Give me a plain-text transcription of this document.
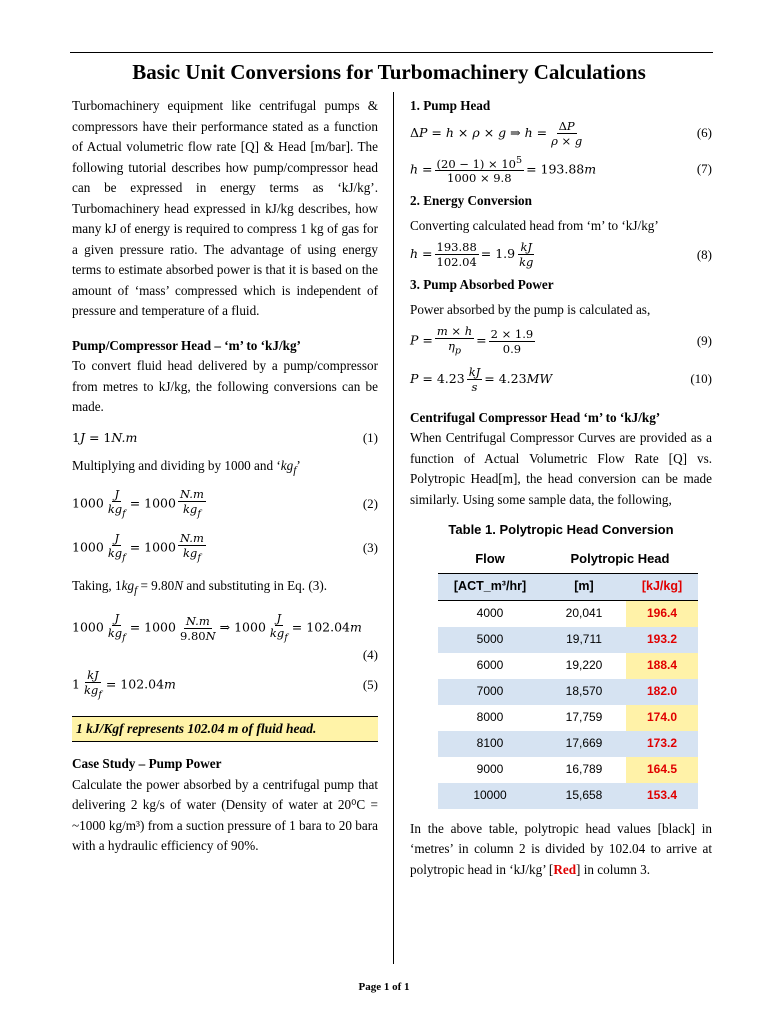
Basic Unit Conversions for Turbomachinery Calculations

Turbomachinery equipment like centrifugal pumps & compressors have their performance stated as a function of Actual volumetric flow rate [Q] & Head [m/bar]. The following tutorial describes how pump/compressor head can be expressed in energy terms as ‘kJ/kg’. Turbomachinery head expressed in kJ/kg describes, how many kJ of energy is required to compress 1 kg of gas for a given pressure ratio. The advantage of using energy terms to estimate absorbed power is that it is based on the amount of ‘mass’ compressed which is independent of pressure and temperature of a fluid.

Pump/Compressor Head – ‘m’ to ‘kJ/kg’

To convert fluid head delivered by a pump/compressor from metres to kJ/kg, the following conversions can be made.

1J = 1N.m	(1)

Multiplying and dividing by 1000 and ‘$kg_f$’

$1000 \frac{J}{kg_f} = 1000 \frac{N.m}{kg_f}$	(2)
$1000 \frac{J}{kg_f} = 1000 \frac{N.m}{kg_f}$	(3)

Taking, $1kg_f = 9.80N$ and substituting in Eq. (3).

$1000 \frac{J}{kg_f} = 1000 \frac{N.m}{9.80N}$ ⇒ $1000 \frac{J}{kg_f} = 102.04m$
(4)
$1 \frac{kJ}{kg_f} = 102.04m$	(5)
1 kJ/Kgf represents 102.04 m of fluid head.
Case Study – Pump Power

Calculate the power absorbed by a centrifugal pump that delivering 2 kg/s of water (Density of water at 20⁰C = ~1000 kg/m³) from a suction pressure of 1 bara to 20 bara with a hydraulic efficiency of 90%.

1. Pump Head
ΔP = h × ρ × g ⇒ $h = \frac{\Delta P}{\rho \times g}$	(6)
$h = \frac{(20 - 1) \times 10^5}{1000 \times 9.8} = 193.88m$	(7)
2. Energy Conversion

Converting calculated head from ‘m’ to ‘kJ/kg’

$h = \frac{193.88}{102.04} = 1.9 \frac{kJ}{kg}$	(8)
3. Pump Absorbed Power

Power absorbed by the pump is calculated as,

$P = \frac{m \times h}{\eta_p} = \frac{2 \times 1.9}{0.9}$	(9)
$P = 4.23 \frac{kJ}{s} = 4.23MW$	(10)
Centrifugal Compressor Head ‘m’ to ‘kJ/kg’

When Centrifugal Compressor Curves are provided as a function of Actual Volumetric Flow Rate [Q] vs. Polytropic Head[m], the head conversion can be made similarly. Using some sample data, the following,

Table 1. Polytropic Head Conversion
Flow	Polytropic Head	
[ACT_m³/hr]	[m]	[kJ/kg]
4000	20,041	196.4
5000	19,711	193.2
6000	19,220	188.4
7000	18,570	182.0
8000	17,759	174.0
8100	17,669	173.2
9000	16,789	164.5
10000	15,658	153.4

In the above table, polytropic head values [black] in ‘metres’ in column 2 is divided by 102.04 to arrive at polytropic head in ‘kJ/kg’ [Red] in column 3.

Page 1 of 1
